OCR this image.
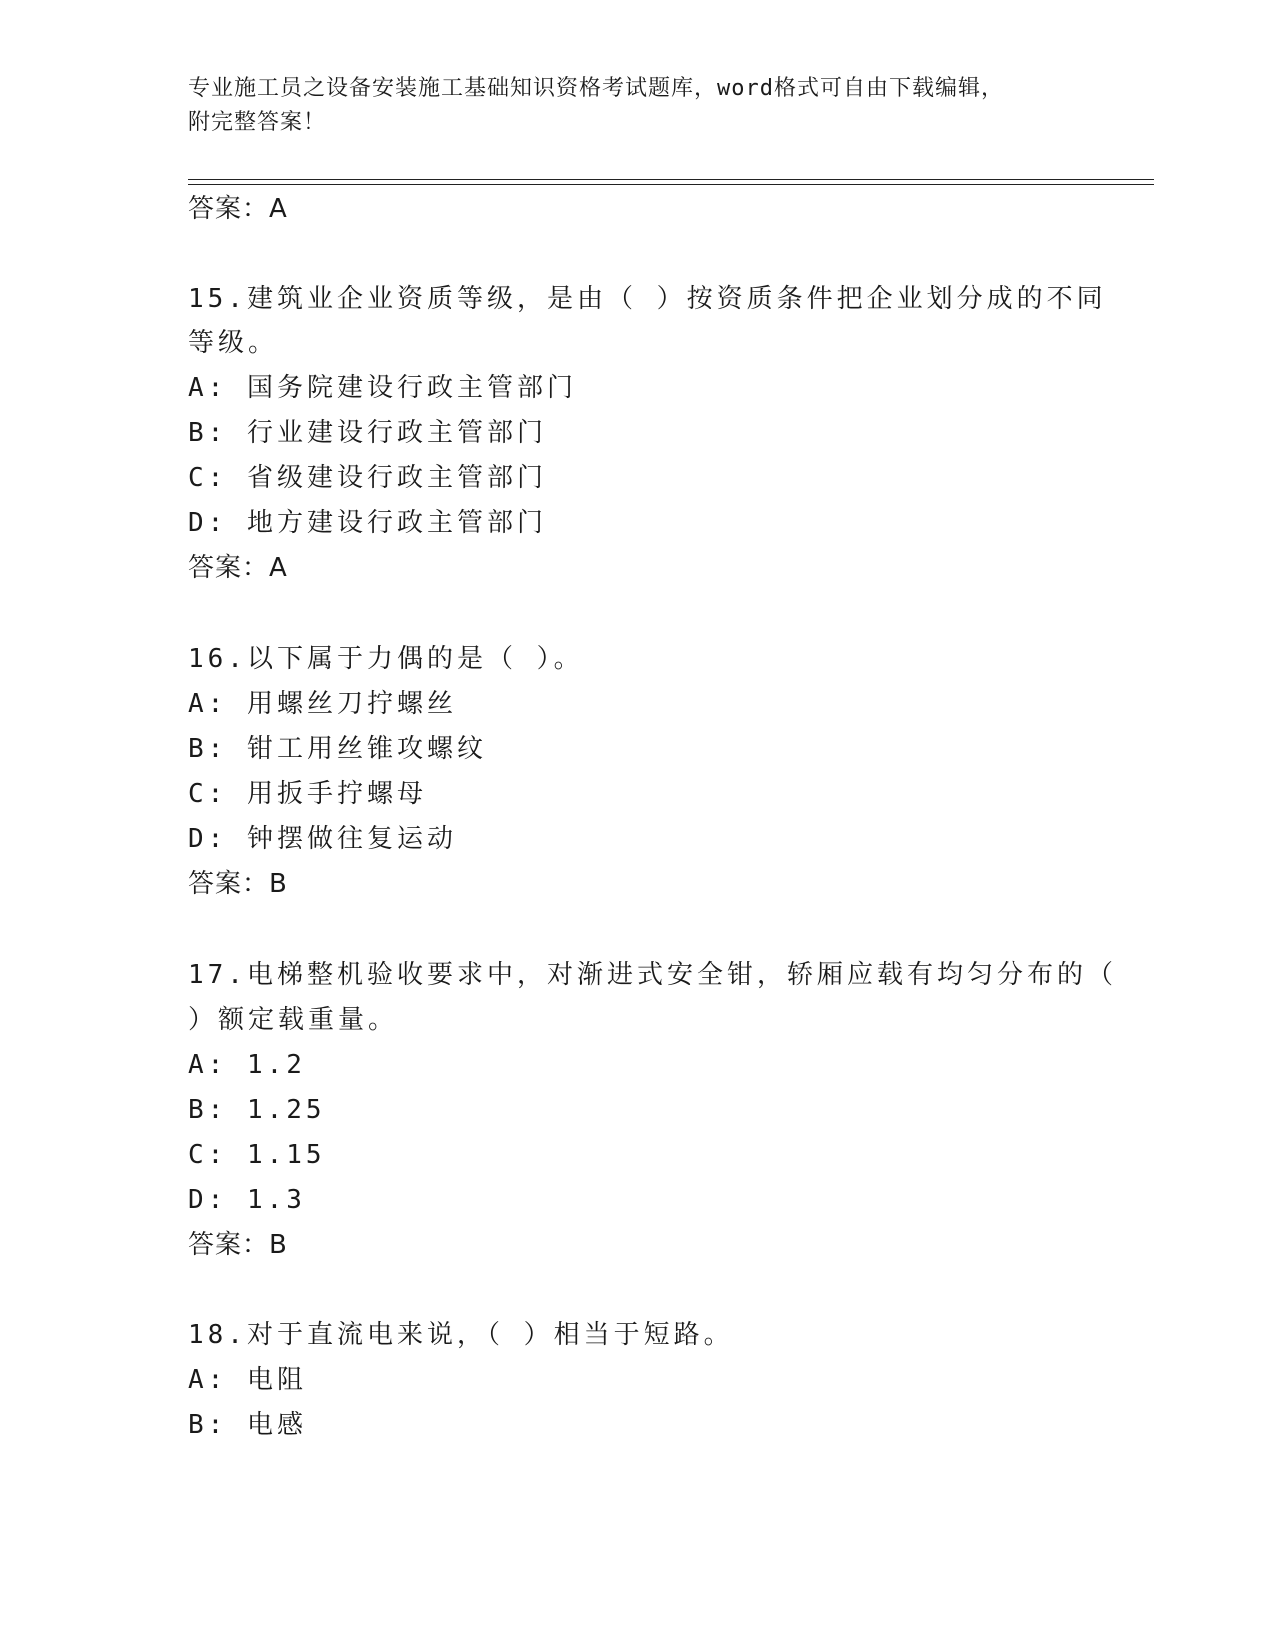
专业施工员之设备安装施工基础知识资格考试题库，word格式可自由下载编辑，
附完整答案！
答案：A
15.建筑业企业资质等级，是由（ ）按资质条件把企业划分成的不同
等级。
A: 国务院建设行政主管部门
B: 行业建设行政主管部门
C: 省级建设行政主管部门
D: 地方建设行政主管部门
答案：A
16.以下属于力偶的是（ ）。
A: 用螺丝刀拧螺丝
B: 钳工用丝锥攻螺纹
C: 用扳手拧螺母
D: 钟摆做往复运动
答案：B
17.电梯整机验收要求中，对渐进式安全钳，轿厢应载有均匀分布的（
）额定载重量。
A: 1.2
B: 1.25
C: 1.15
D: 1.3
答案：B
18.对于直流电来说，（ ）相当于短路。
A: 电阻
B: 电感
